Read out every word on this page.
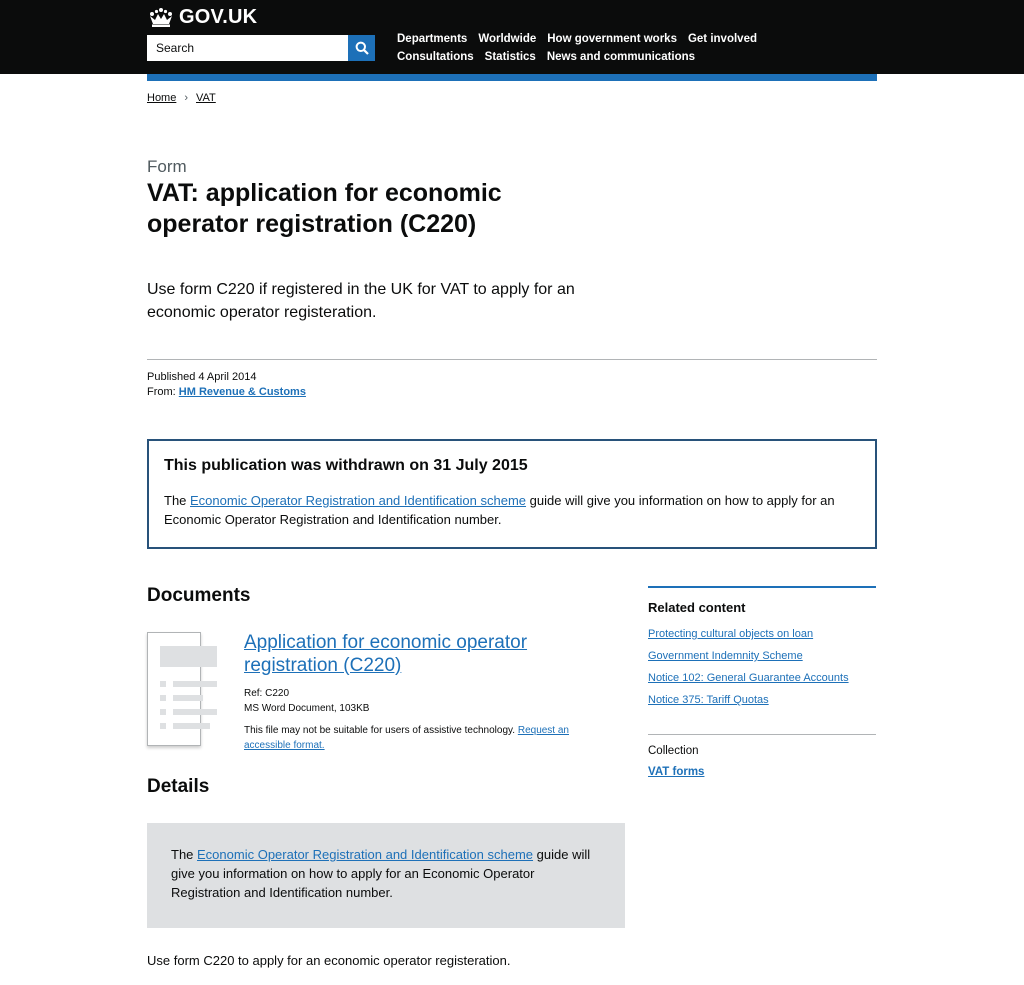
GOV.UK
Search
Departments Worldwide How government works Get involved
Consultations Statistics News and communications
Home › VAT
Form
VAT: application for economic operator registration (C220)

Use form C220 if registered in the UK for VAT to apply for an economic operator registeration.

Published 4 April 2014
From: HM Revenue & Customs
This publication was withdrawn on 31 July 2015
The Economic Operator Registration and Identification scheme guide will give you information on how to apply for an Economic Operator Registration and Identification number.
Documents
Application for economic operator registration (C220)
Ref: C220
MS Word Document, 103KB
This file may not be suitable for users of assistive technology. Request an accessible format.
Details
The Economic Operator Registration and Identification scheme guide will give you information on how to apply for an Economic Operator Registration and Identification number.

Use form C220 to apply for an economic operator registeration.

Related content
Protecting cultural objects on loan
Government Indemnity Scheme
Notice 102: General Guarantee Accounts
Notice 375: Tariff Quotas
Collection
VAT forms
